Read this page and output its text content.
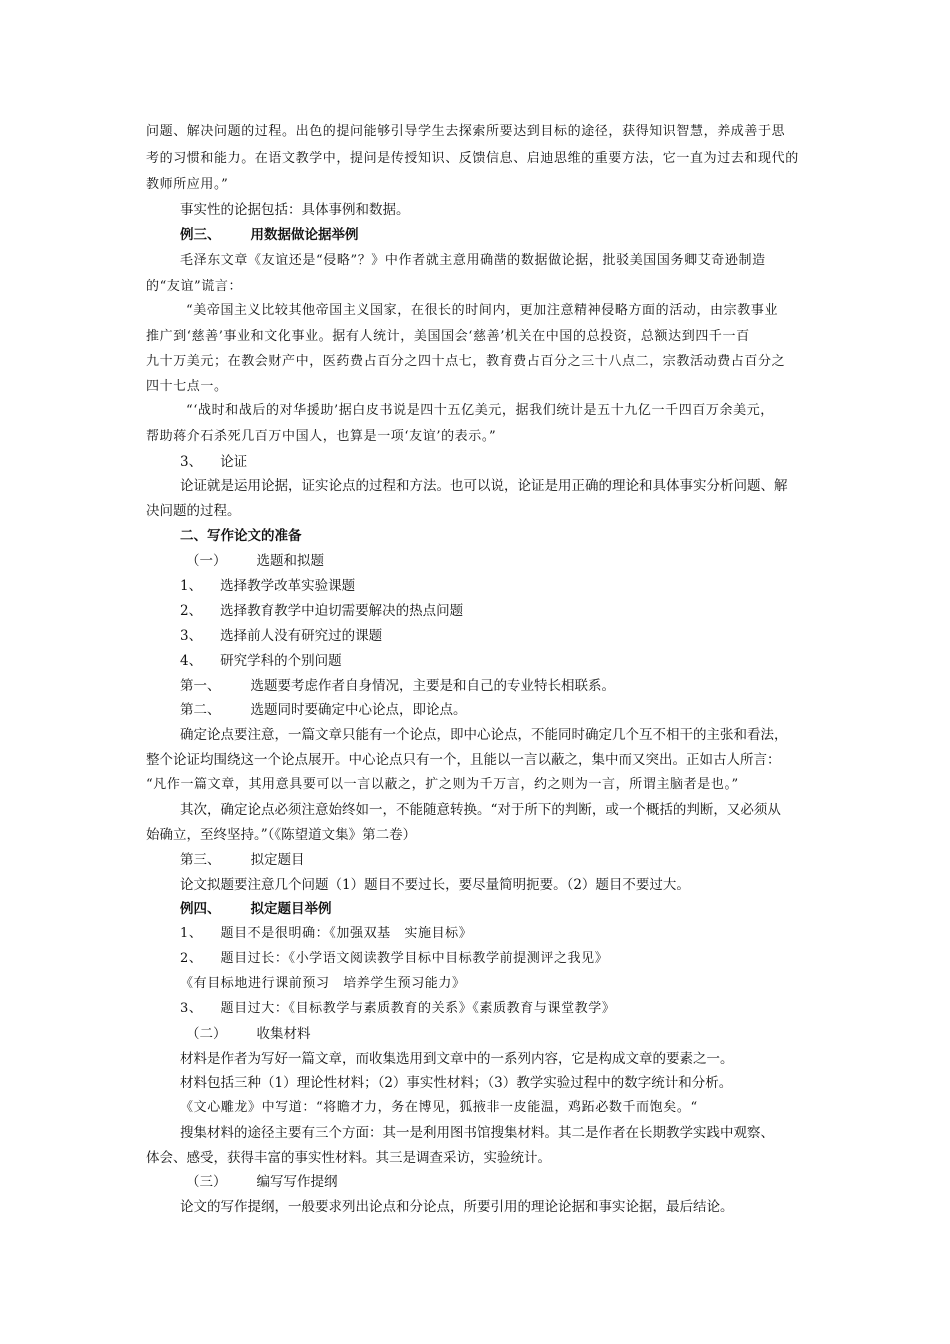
问题、解决问题的过程。出色的提问能够引导学生去探索所要达到目标的途径，获得知识智慧，养成善于思
考的习惯和能力。在语文教学中，提问是传授知识、反馈信息、启迪思维的重要方法，它一直为过去和现代的
教师所应用。”
事实性的论据包括：具体事例和数据。
例三、 用数据做论据举例
毛泽东文章《友谊还是“侵略”？》中作者就主意用确凿的数据做论据，批驳美国国务卿艾奇逊制造
的“友谊”谎言：
“美帝国主义比较其他帝国主义国家，在很长的时间内，更加注意精神侵略方面的活动，由宗教事业
推广到‘慈善’事业和文化事业。据有人统计，美国国会‘慈善’机关在中国的总投资，总额达到四千一百
九十万美元；在教会财产中，医药费占百分之四十点七，教育费占百分之三十八点二，宗教活动费占百分之
四十七点一。
“‘战时和战后的对华援助’据白皮书说是四十五亿美元，据我们统计是五十九亿一千四百万余美元，
帮助蒋介石杀死几百万中国人，也算是一项‘友谊’的表示。”
3、 论证
论证就是运用论据，证实论点的过程和方法。也可以说，论证是用正确的理论和具体事实分析问题、解
决问题的过程。
二、写作论文的准备
（一） 选题和拟题
1、 选择教学改革实验课题
2、 选择教育教学中迫切需要解决的热点问题
3、 选择前人没有研究过的课题
4、 研究学科的个别问题
第一、 选题要考虑作者自身情况，主要是和自己的专业特长相联系。
第二、 选题同时要确定中心论点，即论点。
确定论点要注意，一篇文章只能有一个论点，即中心论点，不能同时确定几个互不相干的主张和看法，
整个论证均围绕这一个论点展开。中心论点只有一个，且能以一言以蔽之，集中而又突出。正如古人所言：
“凡作一篇文章，其用意具要可以一言以蔽之，扩之则为千万言，约之则为一言，所谓主脑者是也。”
其次，确定论点必须注意始终如一，不能随意转换。“对于所下的判断，或一个概括的判断，又必须从
始确立，至终坚持。”（《陈望道文集》第二卷）
第三、 拟定题目
论文拟题要注意几个问题（1）题目不要过长，要尽量简明扼要。（2）题目不要过大。
例四、 拟定题目举例
1、 题目不是很明确：《加强双基　实施目标》
2、 题目过长：《小学语文阅读教学目标中目标教学前提测评之我见》
《有目标地进行课前预习　培养学生预习能力》
3、 题目过大：《目标教学与素质教育的关系》《素质教育与课堂教学》
（二） 收集材料
材料是作者为写好一篇文章，而收集选用到文章中的一系列内容，它是构成文章的要素之一。
材料包括三种（1）理论性材料；（2）事实性材料；（3）教学实验过程中的数字统计和分析。
《文心雕龙》中写道：“将瞻才力，务在博见，狐掖非一皮能温，鸡跖必数千而饱矣。“
搜集材料的途径主要有三个方面：其一是利用图书馆搜集材料。其二是作者在长期教学实践中观察、
体会、感受，获得丰富的事实性材料。其三是调查采访，实验统计。
（三） 编写写作提纲
论文的写作提纲，一般要求列出论点和分论点，所要引用的理论论据和事实论据，最后结论。
